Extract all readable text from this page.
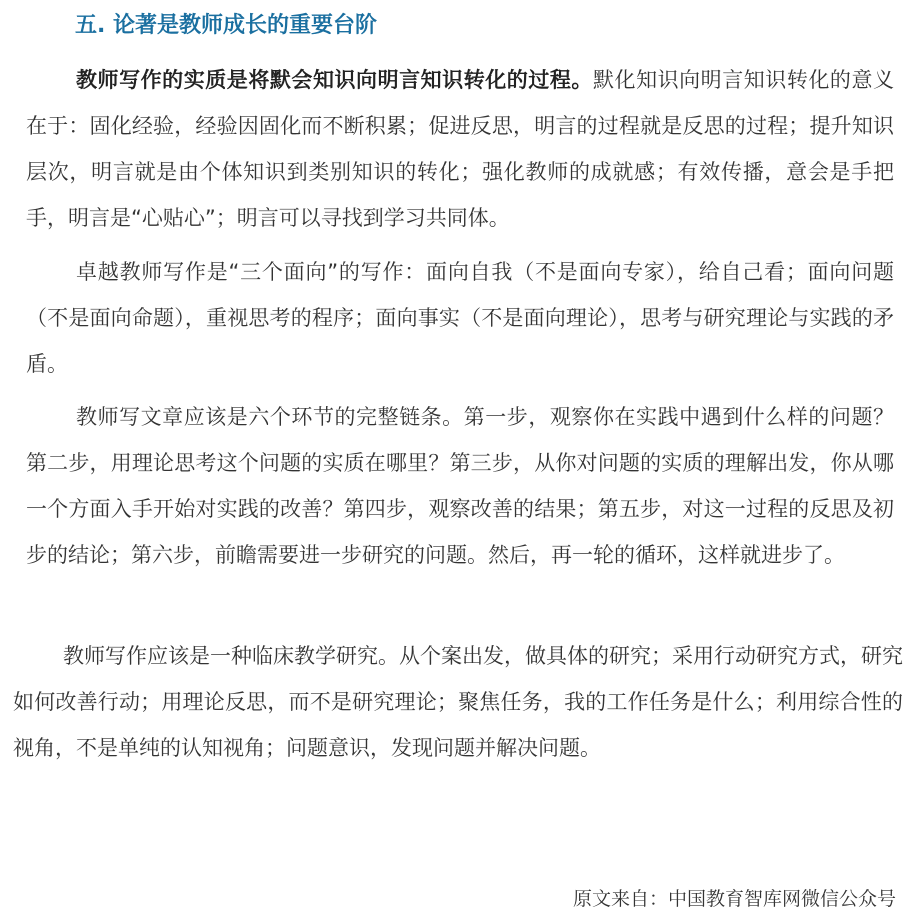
五. 论著是教师成长的重要台阶

教师写作的实质是将默会知识向明言知识转化的过程。默化知识向明言知识转化的意义在于：固化经验，经验因固化而不断积累；促进反思，明言的过程就是反思的过程；提升知识层次，明言就是由个体知识到类别知识的转化；强化教师的成就感；有效传播，意会是手把手，明言是“心贴心”；明言可以寻找到学习共同体。

卓越教师写作是“三个面向”的写作：面向自我（不是面向专家），给自己看；面向问题（不是面向命题），重视思考的程序；面向事实（不是面向理论），思考与研究理论与实践的矛盾。

教师写文章应该是六个环节的完整链条。第一步，观察你在实践中遇到什么样的问题？第二步，用理论思考这个问题的实质在哪里？第三步，从你对问题的实质的理解出发，你从哪一个方面入手开始对实践的改善？第四步，观察改善的结果；第五步，对这一过程的反思及初步的结论；第六步，前瞻需要进一步研究的问题。然后，再一轮的循环，这样就进步了。

教师写作应该是一种临床教学研究。从个案出发，做具体的研究；采用行动研究方式，研究如何改善行动；用理论反思，而不是研究理论；聚焦任务，我的工作任务是什么；利用综合性的视角，不是单纯的认知视角；问题意识，发现问题并解决问题。

原文来自：中国教育智库网微信公众号
